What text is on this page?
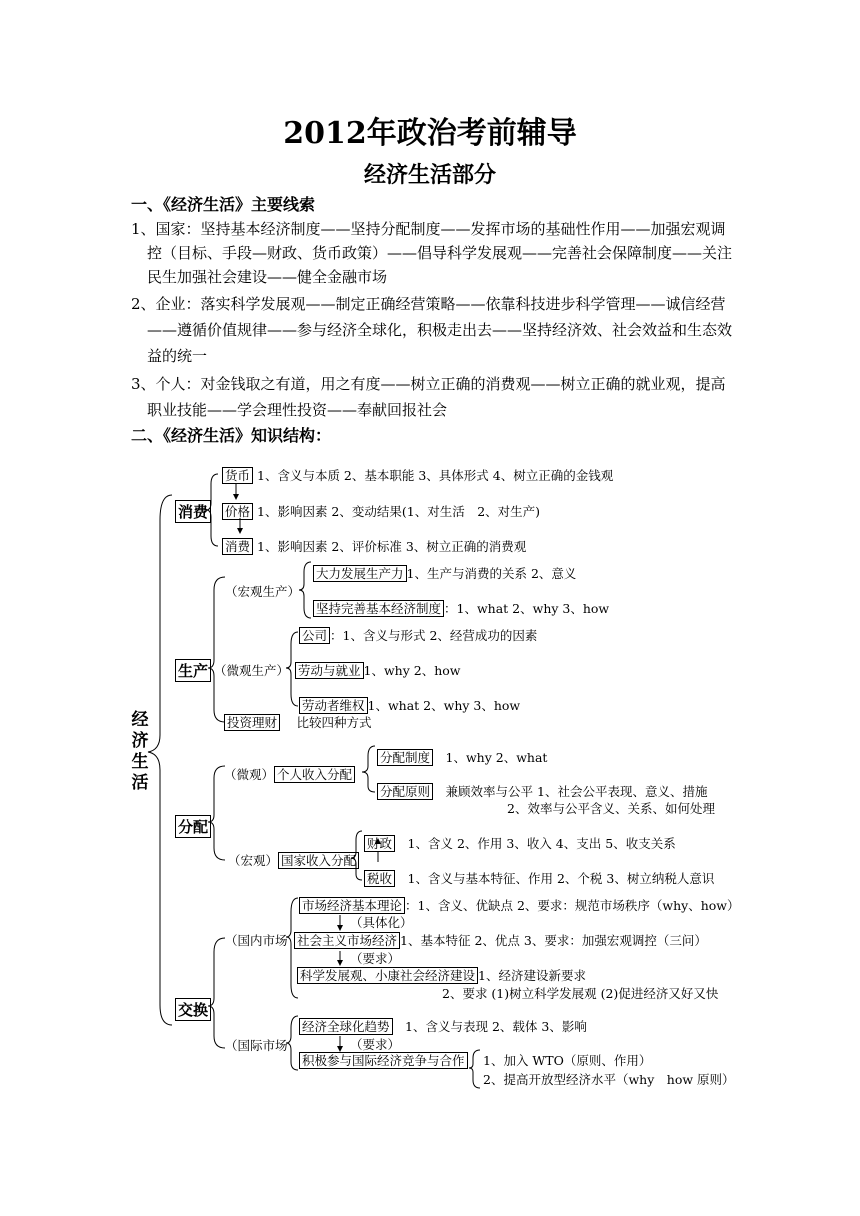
2012年政治考前辅导
经济生活部分
一、《经济生活》主要线索
1、国家：坚持基本经济制度——坚持分配制度——发挥市场的基础性作用——加强宏观调
控（目标、手段—财政、货币政策）——倡导科学发展观——完善社会保障制度——关注
民生加强社会建设——健全金融市场
2、企业：落实科学发展观——制定正确经营策略——依靠科技进步科学管理——诚信经营
——遵循价值规律——参与经济全球化，积极走出去——坚持经济效、社会效益和生态效
益的统一
3、个人：对金钱取之有道，用之有度——树立正确的消费观——树立正确的就业观，提高
职业技能——学会理性投资——奉献回报社会
二、《经济生活》知识结构：
经济生活
消费
货币 1、含义与本质 2、基本职能 3、具体形式 4、树立正确的金钱观
价格 1、影响因素 2、变动结果(1、对生活　2、对生产)
消费 1、影响因素 2、评价标准 3、树立正确的消费观
生产
（宏观生产）
大力发展生产力 1、生产与消费的关系 2、意义
坚持完善基本经济制度 ：1、what 2、why 3、how
（微观生产）
公司 ：1、含义与形式 2、经营成功的因素
劳动与就业 1、why 2、how
劳动者维权 1、what 2、why 3、how
投资理财　 比较四种方式
分配
（微观） 个人收入分配
分配制度　 1、why 2、what
分配原则　 兼顾效率与公平 1、社会公平表现、意义、措施
2、效率与公平含义、关系、如何处理
（宏观） 国家收入分配
财政　 1、含义 2、作用 3、收入 4、支出 5、收支关系
税收　 1、含义与基本特征、作用 2、个税 3、树立纳税人意识
交换
（国内市场
市场经济基本理论 ：1、含义、优缺点 2、要求：规范市场秩序（why、how）
（具体化）
社会主义市场经济 1、基本特征 2、优点 3、要求：加强宏观调控（三问）
（要求）
科学发展观、小康社会经济建设 1、经济建设新要求
2、要求 (1)树立科学发展观 (2)促进经济又好又快
（国际市场
经济全球化趋势　 1、含义与表现 2、载体 3、影响
（要求）
积极参与国际经济竞争与合作 1、加入 WTO（原则、作用）
2、提高开放型经济水平（why　how 原则）
